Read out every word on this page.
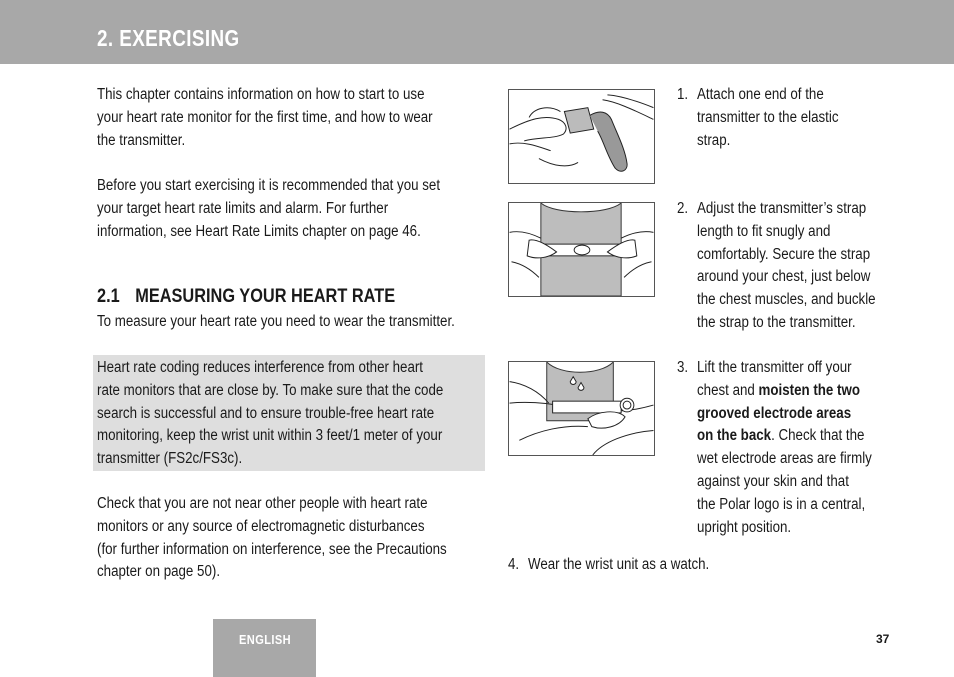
2. EXERCISING
This chapter contains information on how to start to use
your heart rate monitor for the first time, and how to wear
the transmitter.
Before you start exercising it is recommended that you set
your target heart rate limits and alarm. For further
information, see Heart Rate Limits chapter on page 46.
2.1 MEASURING YOUR HEART RATE
To measure your heart rate you need to wear the transmitter.
Heart rate coding reduces interference from other heart
rate monitors that are close by. To make sure that the code
search is successful and to ensure trouble-free heart rate
monitoring, keep the wrist unit within 3 feet/1 meter of your
transmitter (FS2c/FS3c).
Check that you are not near other people with heart rate
monitors or any source of electromagnetic disturbances
(for further information on interference, see the Precautions
chapter on page 50).
1. Attach one end of the
transmitter to the elastic
strap.
2. Adjust the transmitter’s strap
length to fit snugly and
comfortably. Secure the strap
around your chest, just below
the chest muscles, and buckle
the strap to the transmitter.
3. Lift the transmitter off your
chest and moisten the two
grooved electrode areas
on the back. Check that the
wet electrode areas are firmly
against your skin and that
the Polar logo is in a central,
upright position.
4. Wear the wrist unit as a watch.
ENGLISH	37
